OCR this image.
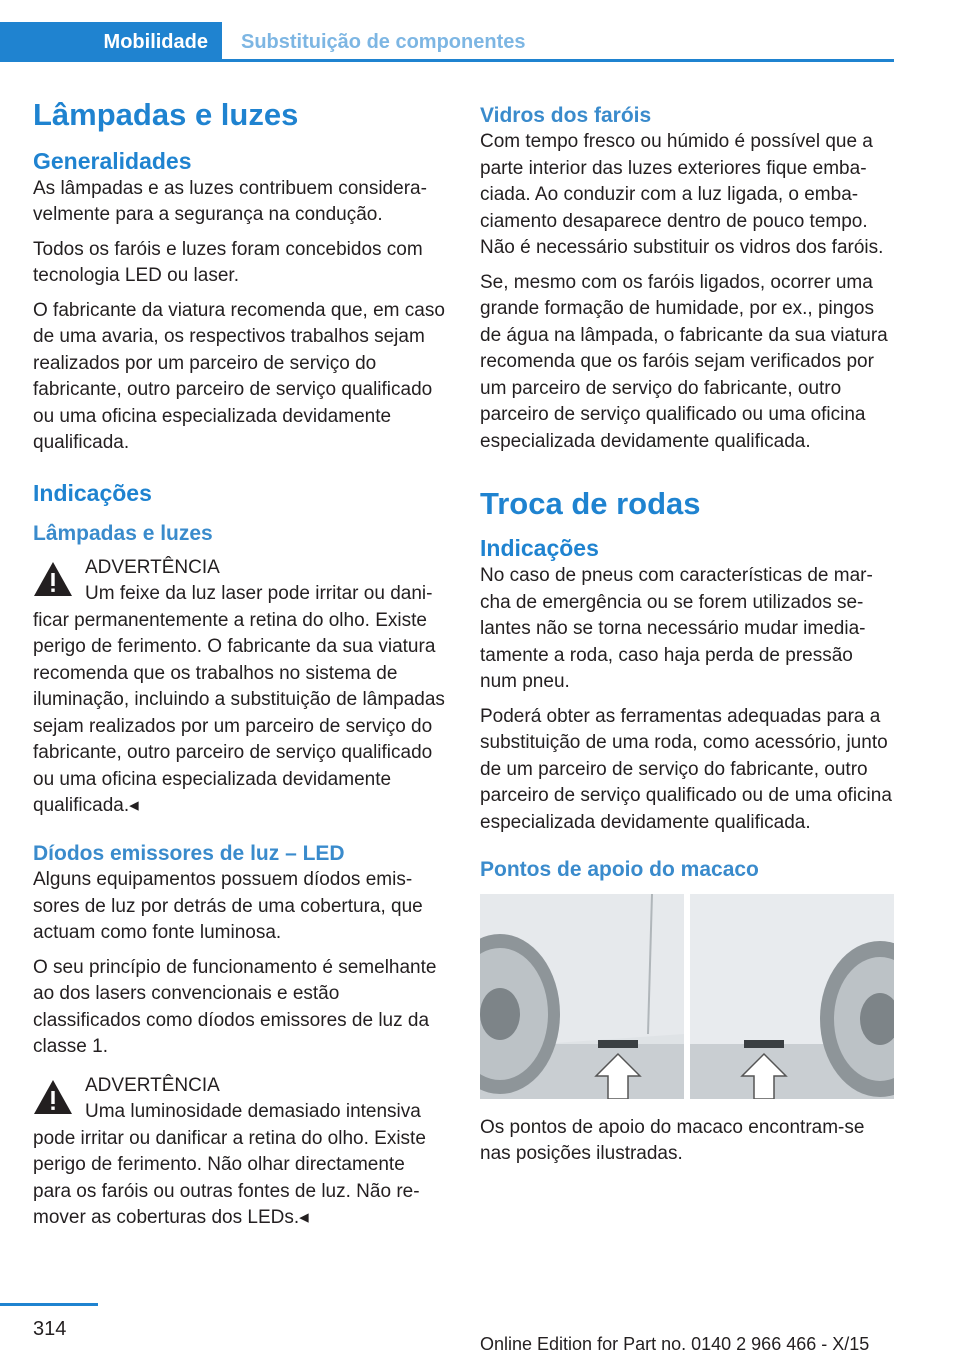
Mobilidade Substituição de componentes
Lâmpadas e luzes
Generalidades

As lâmpadas e as luzes contribuem consideravelmente para a segurança na condução.

Todos os faróis e luzes foram concebidos com tecnologia LED ou laser.

O fabricante da viatura recomenda que, em caso de uma avaria, os respectivos trabalhos sejam realizados por um parceiro de serviço do fabricante, outro parceiro de serviço qualificado ou uma oficina especializada devidamente qualificada.

Indicações
Lâmpadas e luzes
ADVERTÊNCIA

Um feixe da luz laser pode irritar ou danificar permanentemente a retina do olho. Existe perigo de ferimento. O fabricante da sua viatura recomenda que os trabalhos no sistema de iluminação, incluindo a substituição de lâmpadas sejam realizados por um parceiro de serviço do fabricante, outro parceiro de serviço qualificado ou uma oficina especializada devidamente qualificada.◂

Díodos emissores de luz – LED

Alguns equipamentos possuem díodos emissores de luz por detrás de uma cobertura, que actuam como fonte luminosa.

O seu princípio de funcionamento é semelhante ao dos lasers convencionais e estão classificados como díodos emissores de luz da classe 1.

ADVERTÊNCIA

Uma luminosidade demasiado intensiva pode irritar ou danificar a retina do olho. Existe perigo de ferimento. Não olhar directamente para os faróis ou outras fontes de luz. Não remover as coberturas dos LEDs.◂

Vidros dos faróis

Com tempo fresco ou húmido é possível que a parte interior das luzes exteriores fique embaciada. Ao conduzir com a luz ligada, o embaciamento desaparece dentro de pouco tempo. Não é necessário substituir os vidros dos faróis.

Se, mesmo com os faróis ligados, ocorrer uma grande formação de humidade, por ex., pingos de água na lâmpada, o fabricante da sua viatura recomenda que os faróis sejam verificados por um parceiro de serviço do fabricante, outro parceiro de serviço qualificado ou uma oficina especializada devidamente qualificada.

Troca de rodas
Indicações

No caso de pneus com características de marcha de emergência ou se forem utilizados selantes não se torna necessário mudar imediatamente a roda, caso haja perda de pressão num pneu.

Poderá obter as ferramentas adequadas para a substituição de uma roda, como acessório, junto de um parceiro de serviço do fabricante, outro parceiro de serviço qualificado ou de uma oficina especializada devidamente qualificada.

Pontos de apoio do macaco

Os pontos de apoio do macaco encontram-se nas posições ilustradas.

314
Online Edition for Part no. 0140 2 966 466 - X/15
